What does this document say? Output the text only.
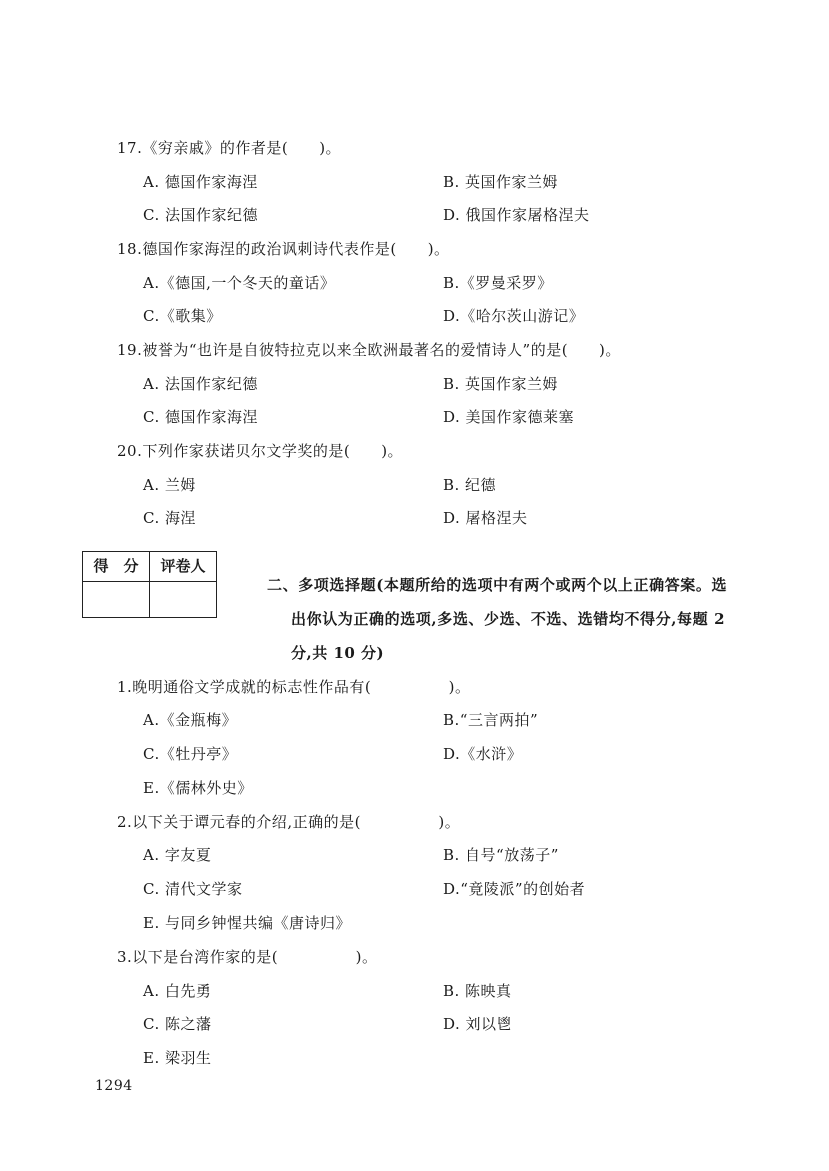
17.《穷亲戚》的作者是(　　)。
A. 德国作家海涅	B. 英国作家兰姆
C. 法国作家纪德	D. 俄国作家屠格涅夫
18.德国作家海涅的政治讽刺诗代表作是(　　)。
A.《德国,一个冬天的童话》	B.《罗曼采罗》
C.《歌集》	D.《哈尔茨山游记》
19.被誉为“也许是自彼特拉克以来全欧洲最著名的爱情诗人”的是(　　)。
A. 法国作家纪德	B. 英国作家兰姆
C. 德国作家海涅	D. 美国作家德莱塞
20.下列作家获诺贝尔文学奖的是(　　)。
A. 兰姆	B. 纪德
C. 海涅	D. 屠格涅夫
得　分	评卷人
二、多项选择题(本题所给的选项中有两个或两个以上正确答案。选
出你认为正确的选项,多选、少选、不选、选错均不得分,每题 2
分,共 10 分)
1.晚明通俗文学成就的标志性作品有(　　　　　)。
A.《金瓶梅》	B.“三言两拍”
C.《牡丹亭》	D.《水浒》
E.《儒林外史》
2.以下关于谭元春的介绍,正确的是(　　　　　)。
A. 字友夏	B. 自号“放荡子”
C. 清代文学家	D.“竟陵派”的创始者
E. 与同乡钟惺共编《唐诗归》
3.以下是台湾作家的是(　　　　　)。
A. 白先勇	B. 陈映真
C. 陈之藩	D. 刘以鬯
E. 梁羽生
1294
